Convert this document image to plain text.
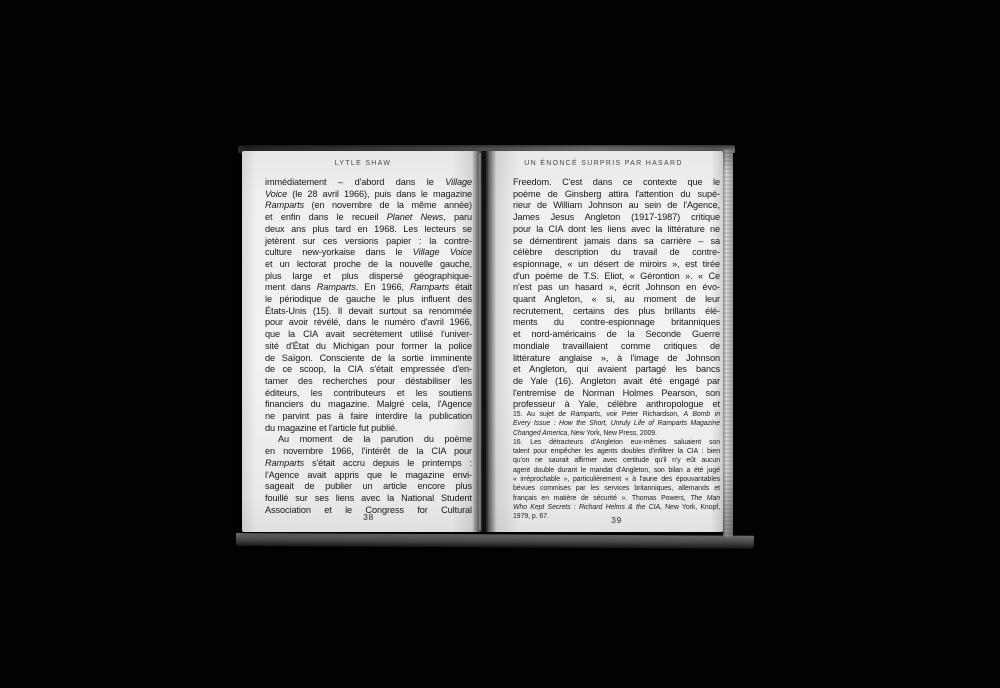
LYTLE SHAW
immédiatement – d'abord dans le Village
Voice (le 28 avril 1966), puis dans le magazine
Ramparts (en novembre de la même année)
et enfin dans le recueil Planet News, paru
deux ans plus tard en 1968. Les lecteurs se
jetèrent sur ces versions papier : la contre-
culture new-yorkaise dans le Village Voice
et un lectorat proche de la nouvelle gauche,
plus large et plus dispersé géographique-
ment dans Ramparts. En 1966, Ramparts était
le périodique de gauche le plus influent des
États-Unis (15). Il devait surtout sa renommée
pour avoir révélé, dans le numéro d'avril 1966,
que la CIA avait secrètement utilisé l'univer-
sité d'État du Michigan pour former la police
de Saïgon. Consciente de la sortie imminente
de ce scoop, la CIA s'était empressée d'en-
tamer des recherches pour déstabiliser les
éditeurs, les contributeurs et les soutiens
financiers du magazine. Malgré cela, l'Agence
ne parvint pas à faire interdire la publication
du magazine et l'article fut publié.
Au moment de la parution du poème
en novembre 1966, l'intérêt de la CIA pour
Ramparts s'était accru depuis le printemps :
l'Agence avait appris que le magazine envi-
sageait de publier un article encore plus
fouillé sur ses liens avec la National Student
Association et le Congress for Cultural
38
UN ÉNONCÉ SURPRIS PAR HASARD
Freedom. C'est dans ce contexte que le
poème de Ginsberg attira l'attention du supé-
rieur de William Johnson au sein de l'Agence,
James Jesus Angleton (1917-1987) critique
pour la CIA dont les liens avec la littérature ne
se démentirent jamais dans sa carrière – sa
célèbre description du travail de contre-
espionnage, « un désert de miroirs », est tirée
d'un poème de T.S. Eliot, « Gérontion ». « Ce
n'est pas un hasard », écrit Johnson en évo-
quant Angleton, « si, au moment de leur
recrutement, certains des plus brillants élé-
ments du contre-espionnage britanniques
et nord-américains de la Seconde Guerre
mondiale travaillaient comme critiques de
littérature anglaise », à l'image de Johnson
et Angleton, qui avaient partagé les bancs
de Yale (16). Angleton avait été engagé par
l'entremise de Norman Holmes Pearson, son
professeur à Yale, célèbre anthropologue et
15. Au sujet de Ramparts, voir Peter Richardson, A Bomb in
Every Issue : How the Short, Unruly Life of Ramparts Magazine
Changed America, New York, New Press, 2009.
16. Les détracteurs d'Angleton eux-mêmes saluaient son
talent pour empêcher les agents doubles d'infiltrer la CIA : bien
qu'on ne saurait affirmer avec certitude qu'il n'y eût aucun
agent double durant le mandat d'Angleton, son bilan a été jugé
« irréprochable », particulièrement « à l'aune des épouvantables
bévues commises par les services britanniques, allemands et
français en matière de sécurité ». Thomas Powers, The Man
Who Kept Secrets : Richard Helms & the CIA, New York, Knopf,
1979, p. 67.	39
